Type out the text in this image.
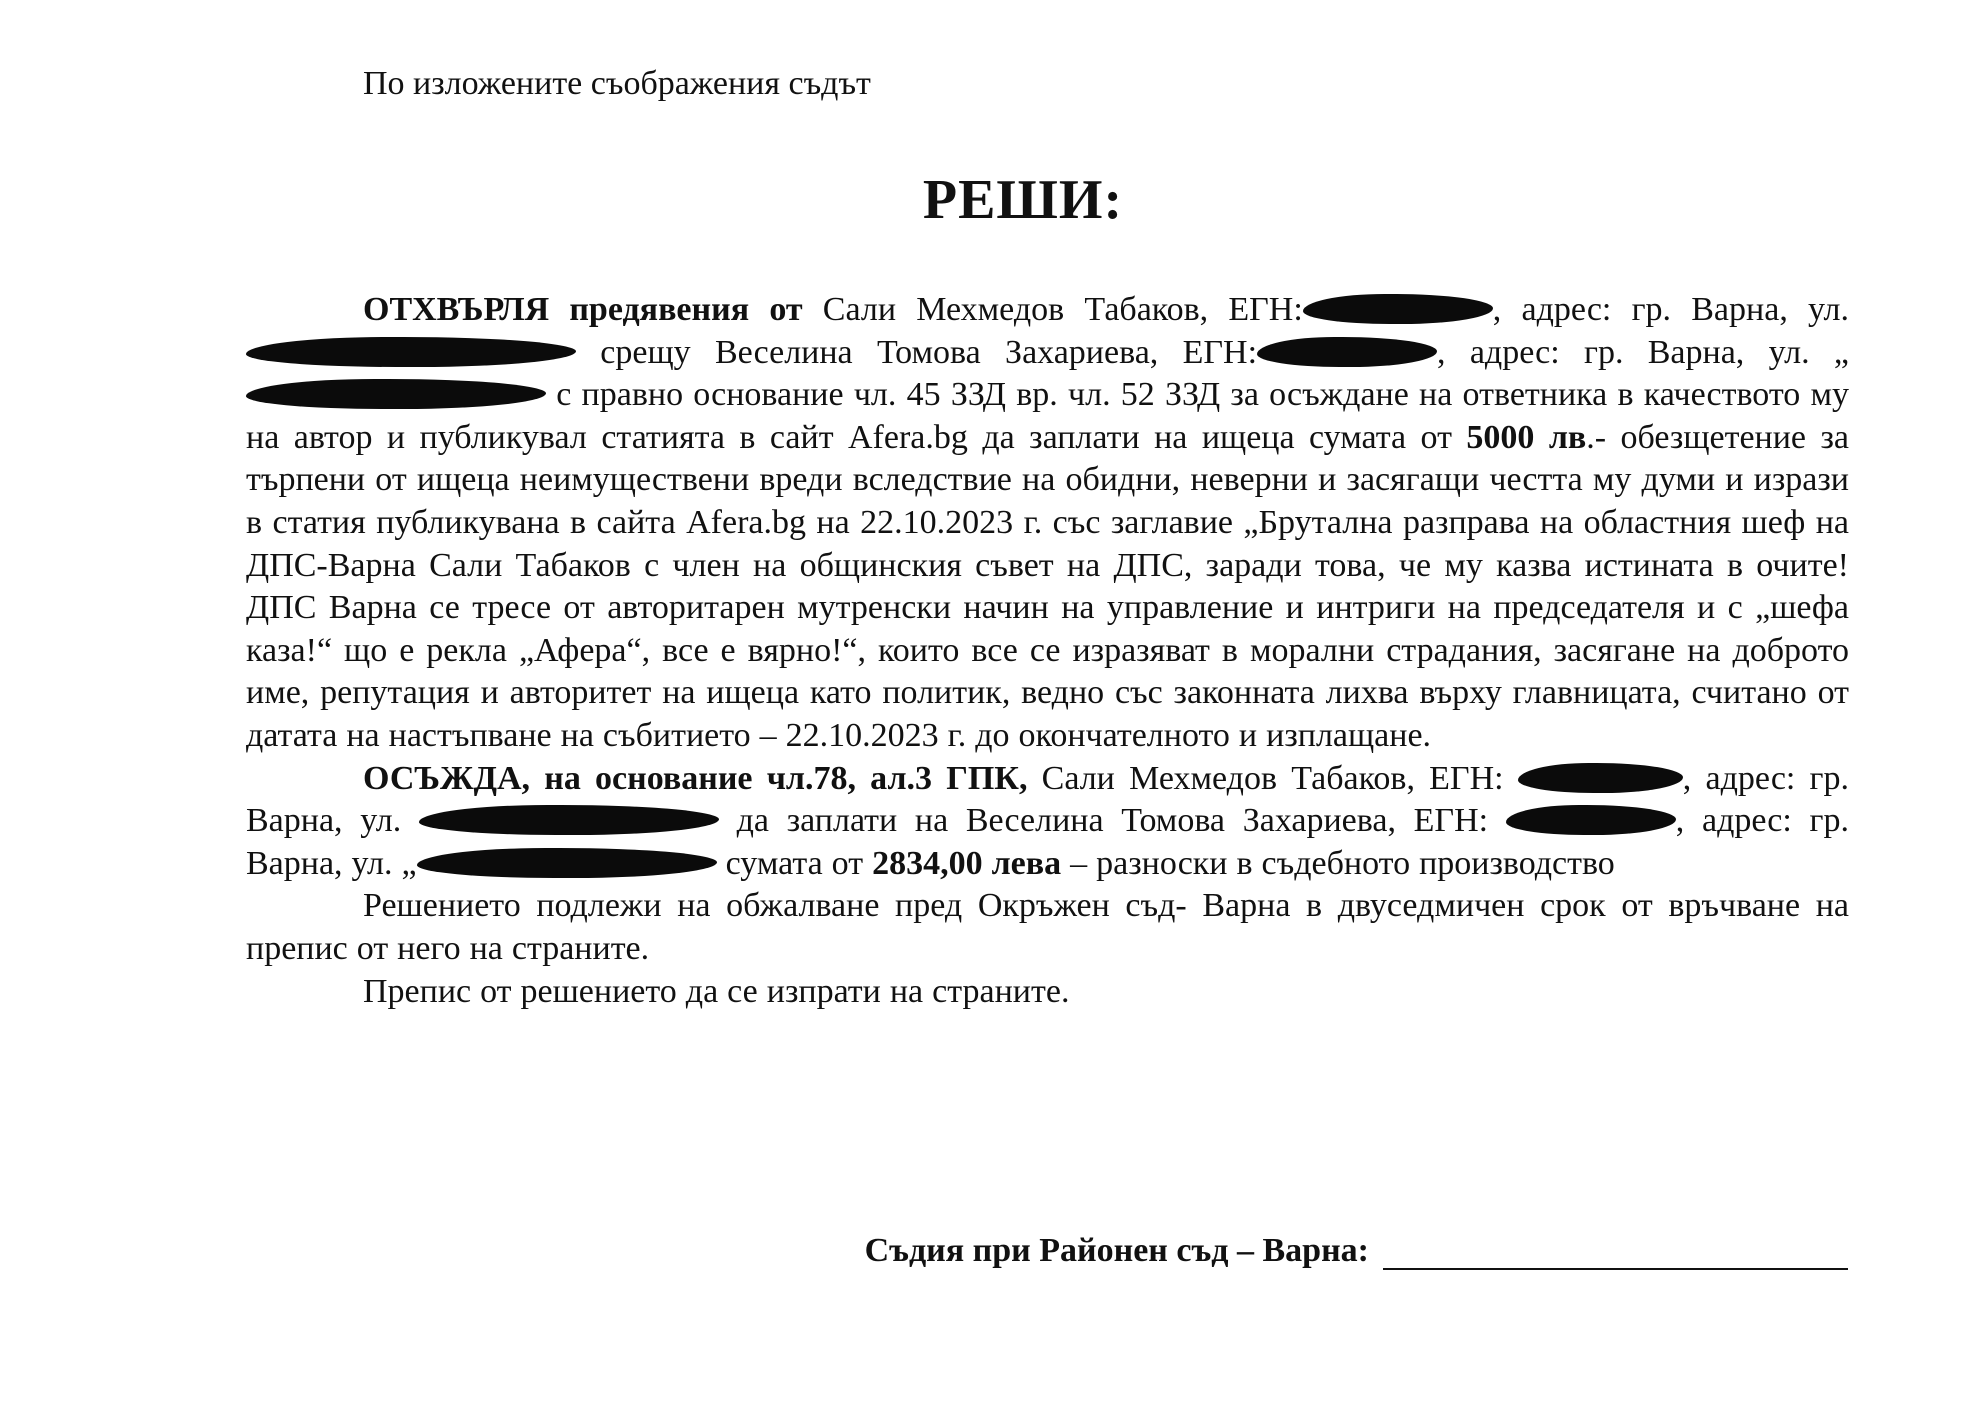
По изложените съображения съдът
РЕШИ:

ОТХВЪРЛЯ предявения от Сали Мехмедов Табаков, ЕГН:	, адрес: гр. Варна, ул. срещу Веселина Томова Захариева, ЕГН:	, адрес: гр. Варна, ул. „ с правно основание чл. 45 ЗЗД вр. чл. 52 ЗЗД за осъждане на ответника в качеството му на автор и публикувал статията в сайт Afera.bg да заплати на ищеца сумата от 5000 лв.- обезщетение за търпени от ищеца неимуществени вреди вследствие на обидни, неверни и засягащи честта му думи и изрази в статия публикувана в сайта Afera.bg на 22.10.2023 г. със заглавие „Брутална разправа на областния шеф на ДПС-Варна Сали Табаков с член на общинския съвет на ДПС, заради това, че му казва истината в очите! ДПС Варна се тресе от авторитарен мутренски начин на управление и интриги на председателя и с „шефа каза!“ що е рекла „Афера“, все е вярно!“, които все се изразяват в морални страдания, засягане на доброто име, репутация и авторитет на ищеца като политик, ведно със законната лихва върху главницата, считано от датата на настъпване на събитието – 22.10.2023 г. до окончателното и изплащане.

ОСЪЖДА, на основание чл.78, ал.3 ГПК, Сали Мехмедов Табаков, ЕГН:	, адрес: гр. Варна, ул.	да заплати на Веселина Томова Захариева, ЕГН:	, адрес: гр. Варна, ул. „	сумата от 2834,00 лева – разноски в съдебното производство

Решението подлежи на обжалване пред Окръжен съд- Варна в двуседмичен срок от връчване на препис от него на страните.

Препис от решението да се изпрати на страните.

Съдия при Районен съд – Варна:
